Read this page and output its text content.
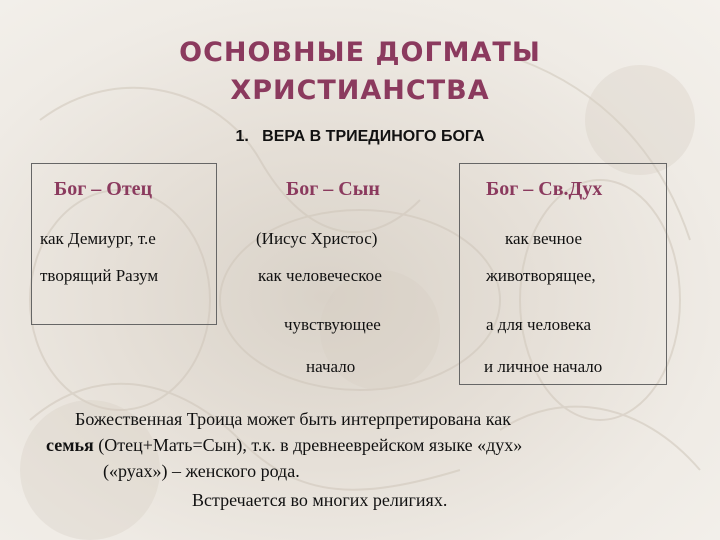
ОСНОВНЫЕ ДОГМАТЫ
ХРИСТИАНСТВА
1.   ВЕРА В ТРИЕДИНОГО БОГА
Бог – Отец
как Демиург, т.е
творящий Разум
Бог – Сын
(Иисус Христос)
как человеческое
чувствующее
начало
Бог – Св.Дух
как вечное
животворящее,
а для человека
и личное начало
Божественная Троица может быть интерпретирована как
семья (Отец+Мать=Сын), т.к. в древнееврейском языке «дух»
(«руах») – женского рода.
Встречается во многих религиях.
